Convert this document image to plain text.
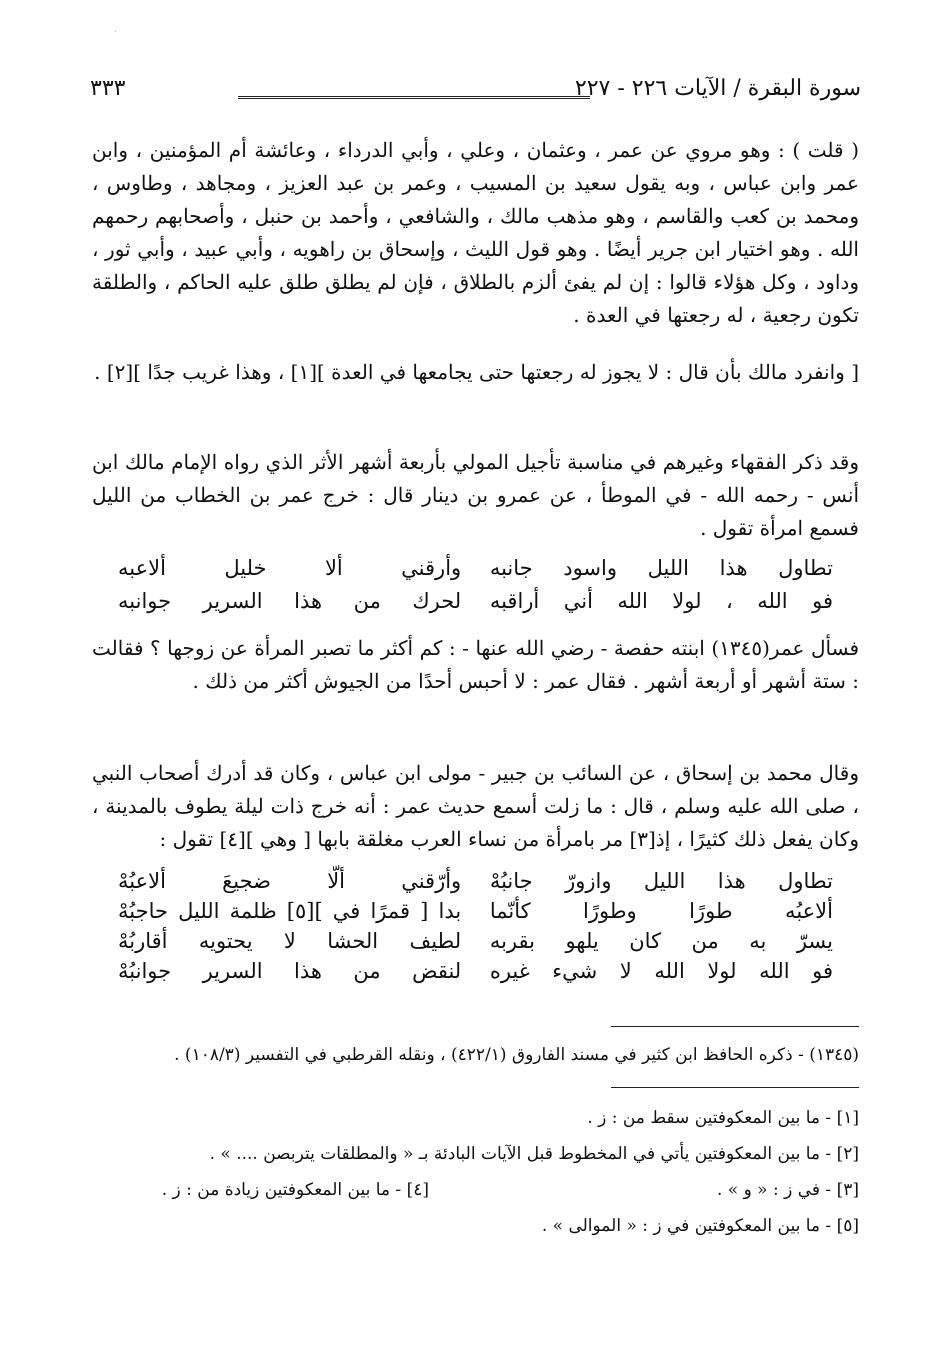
ˏ
سورة البقرة / الآيات ٢٢٦ - ٢٢٧
٣٣٣

( قلت ) : وهو مروي عن عمر ، وعثمان ، وعلي ، وأبي الدرداء ، وعائشة أم المؤمنين ، وابن عمر وابن عباس ، وبه يقول سعيد بن المسيب ، وعمر بن عبد العزيز ، ومجاهد ، وطاوس ، ومحمد بن كعب والقاسم ، وهو مذهب مالك ، والشافعي ، وأحمد بن حنبل ، وأصحابهم رحمهم الله . وهو اختيار ابن جرير أيضًا . وهو قول الليث ، وإسحاق بن راهويه ، وأبي عبيد ، وأبي ثور ، وداود ، وكل هؤلاء قالوا : إن لم يفئ ألزم بالطلاق ، فإن لم يطلق طلق عليه الحاكم ، والطلقة تكون رجعية ، له رجعتها في العدة .

[ وانفرد مالك بأن قال : لا يجوز له رجعتها حتى يجامعها في العدة ][١] ، وهذا غريب جدًا ][٢] .

وقد ذكر الفقهاء وغيرهم في مناسبة تأجيل المولي بأربعة أشهر الأثر الذي رواه الإمام مالك ابن أنس - رحمه الله - في الموطأ ، عن عمرو بن دينار قال : خرج عمر بن الخطاب من الليل فسمع امرأة تقول .

تطاول هذا الليل واسود جانبه
وأرقني ألا خليل ألاعبه
فو الله ، لولا الله أني أراقبه
لحرك من هذا السرير جوانبه

فسأل عمر(١٣٤٥) ابنته حفصة - رضي الله عنها - : كم أكثر ما تصبر المرأة عن زوجها ؟ فقالت : ستة أشهر أو أربعة أشهر . فقال عمر : لا أحبس أحدًا من الجيوش أكثر من ذلك .

وقال محمد بن إسحاق ، عن السائب بن جبير - مولى ابن عباس ، وكان قد أدرك أصحاب النبي ، صلى الله عليه وسلم ، قال : ما زلت أسمع حديث عمر : أنه خرج ذات ليلة يطوف بالمدينة ، وكان يفعل ذلك كثيرًا ، إذ[٣] مر بامرأة من نساء العرب مغلقة بابها [ وهي ][٤] تقول :

تطاول هذا الليل وازورّ جانبُهْ
وأرّقني ألّا ضجيعَ ألاعبُهْ
ألاعبُه طورًا وطورًا كأنّما
بدا [ قمرًا في ][٥] ظلمة الليل حاجبُهْ
يسرّ به من كان يلهو بقربه
لطيف الحشا لا يحتويه أقاربُهْ
فو الله لولا الله لا شيء غيره
لنقض من هذا السرير جوانبُهْ
(١٣٤٥) - ذكره الحافظ ابن كثير في مسند الفاروق (٤٢٢/١) ، ونقله القرطبي في التفسير (١٠٨/٣) .
[١] - ما بين المعكوفتين سقط من : ز .
[٢] - ما بين المعكوفتين يأتي في المخطوط قبل الآيات البادئة بـ « والمطلقات يتربصن .... » .
[٣] - في ز : « و » .
[٤] - ما بين المعكوفتين زيادة من : ز .
[٥] - ما بين المعكوفتين في ز : « الموالى » .
